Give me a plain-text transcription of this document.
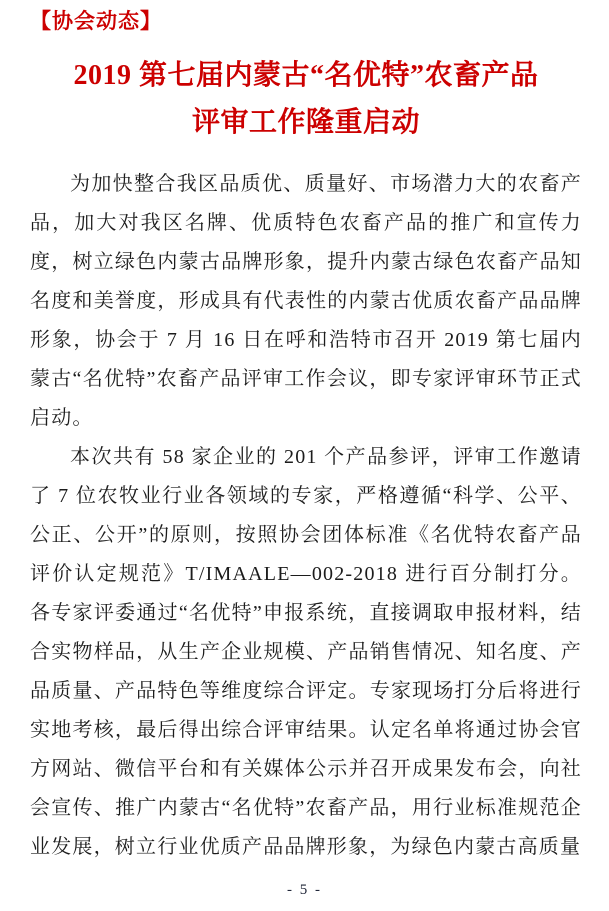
【协会动态】
2019 第七届内蒙古“名优特”农畜产品
评审工作隆重启动

为加快整合我区品质优、质量好、市场潜力大的农畜产品，加大对我区名牌、优质特色农畜产品的推广和宣传力度，树立绿色内蒙古品牌形象，提升内蒙古绿色农畜产品知名度和美誉度，形成具有代表性的内蒙古优质农畜产品品牌形象，协会于 7 月 16 日在呼和浩特市召开 2019 第七届内蒙古“名优特”农畜产品评审工作会议，即专家评审环节正式启动。

本次共有 58 家企业的 201 个产品参评，评审工作邀请了 7 位农牧业行业各领域的专家，严格遵循“科学、公平、公正、公开”的原则，按照协会团体标准《名优特农畜产品评价认定规范》T/IMAALE—002-2018 进行百分制打分。各专家评委通过“名优特”申报系统，直接调取申报材料，结合实物样品，从生产企业规模、产品销售情况、知名度、产品质量、产品特色等维度综合评定。专家现场打分后将进行实地考核，最后得出综合评审结果。认定名单将通过协会官方网站、微信平台和有关媒体公示并召开成果发布会，向社会宣传、推广内蒙古“名优特”农畜产品，用行业标准规范企业发展，树立行业优质产品品牌形象，为绿色内蒙古高质量

- 5 -
